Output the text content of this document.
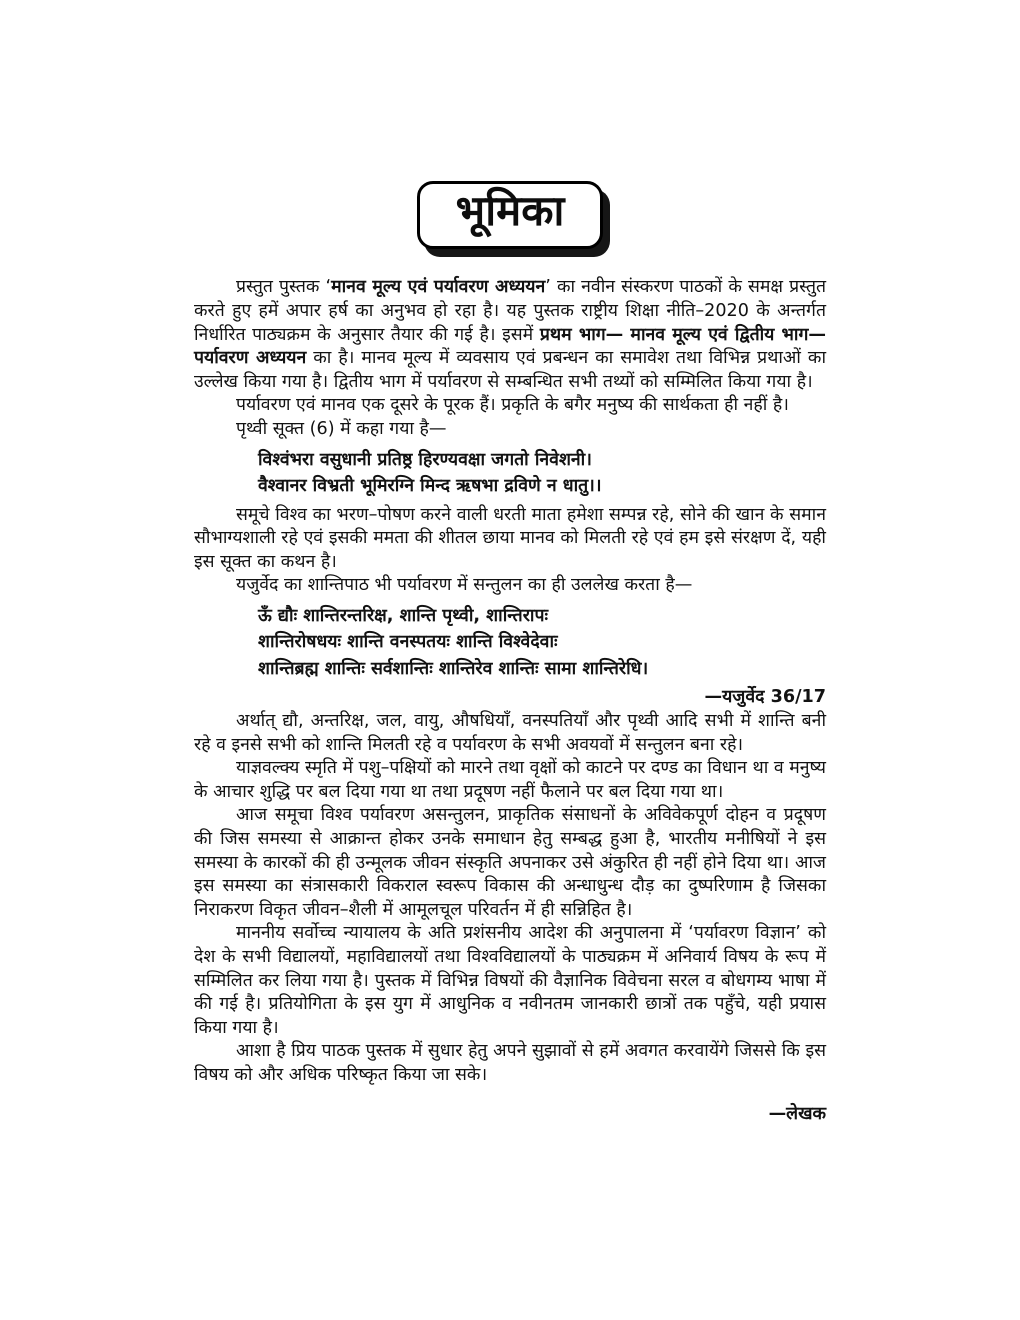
भूमिका

प्रस्तुत पुस्तक ‘मानव मूल्य एवं पर्यावरण अध्ययन’ का नवीन संस्करण पाठकों के समक्ष प्रस्तुत करते हुए हमें अपार हर्ष का अनुभव हो रहा है। यह पुस्तक राष्ट्रीय शिक्षा नीति–2020 के अन्तर्गत निर्धारित पाठ्यक्रम के अनुसार तैयार की गई है। इसमें प्रथम भाग— मानव मूल्य एवं द्वितीय भाग—पर्यावरण अध्ययन का है। मानव मूल्य में व्यवसाय एवं प्रबन्धन का समावेश तथा विभिन्न प्रथाओं का उल्लेख किया गया है। द्वितीय भाग में पर्यावरण से सम्बन्धित सभी तथ्यों को सम्मिलित किया गया है।

पर्यावरण एवं मानव एक दूसरे के पूरक हैं। प्रकृति के बगैर मनुष्य की सार्थकता ही नहीं है।

पृथ्वी सूक्त (6) में कहा गया है—

विश्वंभरा वसुधानी प्रतिष्ठ्र हिरण्यवक्षा जगतो निवेशनी।
वैश्वानर विभ्रती भूमिरग्नि मिन्द ऋषभा द्रविणे न धातु।।

समूचे विश्व का भरण–पोषण करने वाली धरती माता हमेशा सम्पन्न रहे, सोने की खान के समान सौभाग्यशाली रहे एवं इसकी ममता की शीतल छाया मानव को मिलती रहे एवं हम इसे संरक्षण दें, यही इस सूक्त का कथन है।

यजुर्वेद का शान्तिपाठ भी पर्यावरण में सन्तुलन का ही उललेख करता है—

ऊँ द्यौः शान्तिरन्तरिक्ष, शान्ति पृथ्वी, शान्तिरापः
शान्तिरोषधयः शान्ति वनस्पतयः शान्ति विश्वेदेवाः
शान्तिब्रह्म शान्तिः सर्वशान्तिः शान्तिरेव शान्तिः सामा शान्तिरेधि।

—यजुर्वेद 36/17

अर्थात् द्यौ, अन्तरिक्ष, जल, वायु, औषधियाँ, वनस्पतियाँ और पृथ्वी आदि सभी में शान्ति बनी रहे व इनसे सभी को शान्ति मिलती रहे व पर्यावरण के सभी अवयवों में सन्तुलन बना रहे।

याज्ञवल्क्य स्मृति में पशु–पक्षियों को मारने तथा वृक्षों को काटने पर दण्ड का विधान था व मनुष्य के आचार शुद्धि पर बल दिया गया था तथा प्रदूषण नहीं फैलाने पर बल दिया गया था।

आज समूचा विश्व पर्यावरण असन्तुलन, प्राकृतिक संसाधनों के अविवेकपूर्ण दोहन व प्रदूषण की जिस समस्या से आक्रान्त होकर उनके समाधान हेतु सम्बद्ध हुआ है, भारतीय मनीषियों ने इस समस्या के कारकों की ही उन्मूलक जीवन संस्कृति अपनाकर उसे अंकुरित ही नहीं होने दिया था। आज इस समस्या का संत्रासकारी विकराल स्वरूप विकास की अन्धाधुन्ध दौड़ का दुष्परिणाम है जिसका निराकरण विकृत जीवन–शैली में आमूलचूल परिवर्तन में ही सन्निहित है।

माननीय सर्वोच्च न्यायालय के अति प्रशंसनीय आदेश की अनुपालना में ‘पर्यावरण विज्ञान’ को देश के सभी विद्यालयों, महाविद्यालयों तथा विश्वविद्यालयों के पाठ्यक्रम में अनिवार्य विषय के रूप में सम्मिलित कर लिया गया है। पुस्तक में विभिन्न विषयों की वैज्ञानिक विवेचना सरल व बोधगम्य भाषा में की गई है। प्रतियोगिता के इस युग में आधुनिक व नवीनतम जानकारी छात्रों तक पहुँचे, यही प्रयास किया गया है।

आशा है प्रिय पाठक पुस्तक में सुधार हेतु अपने सुझावों से हमें अवगत करवायेंगे जिससे कि इस विषय को और अधिक परिष्कृत किया जा सके।

—लेखक
